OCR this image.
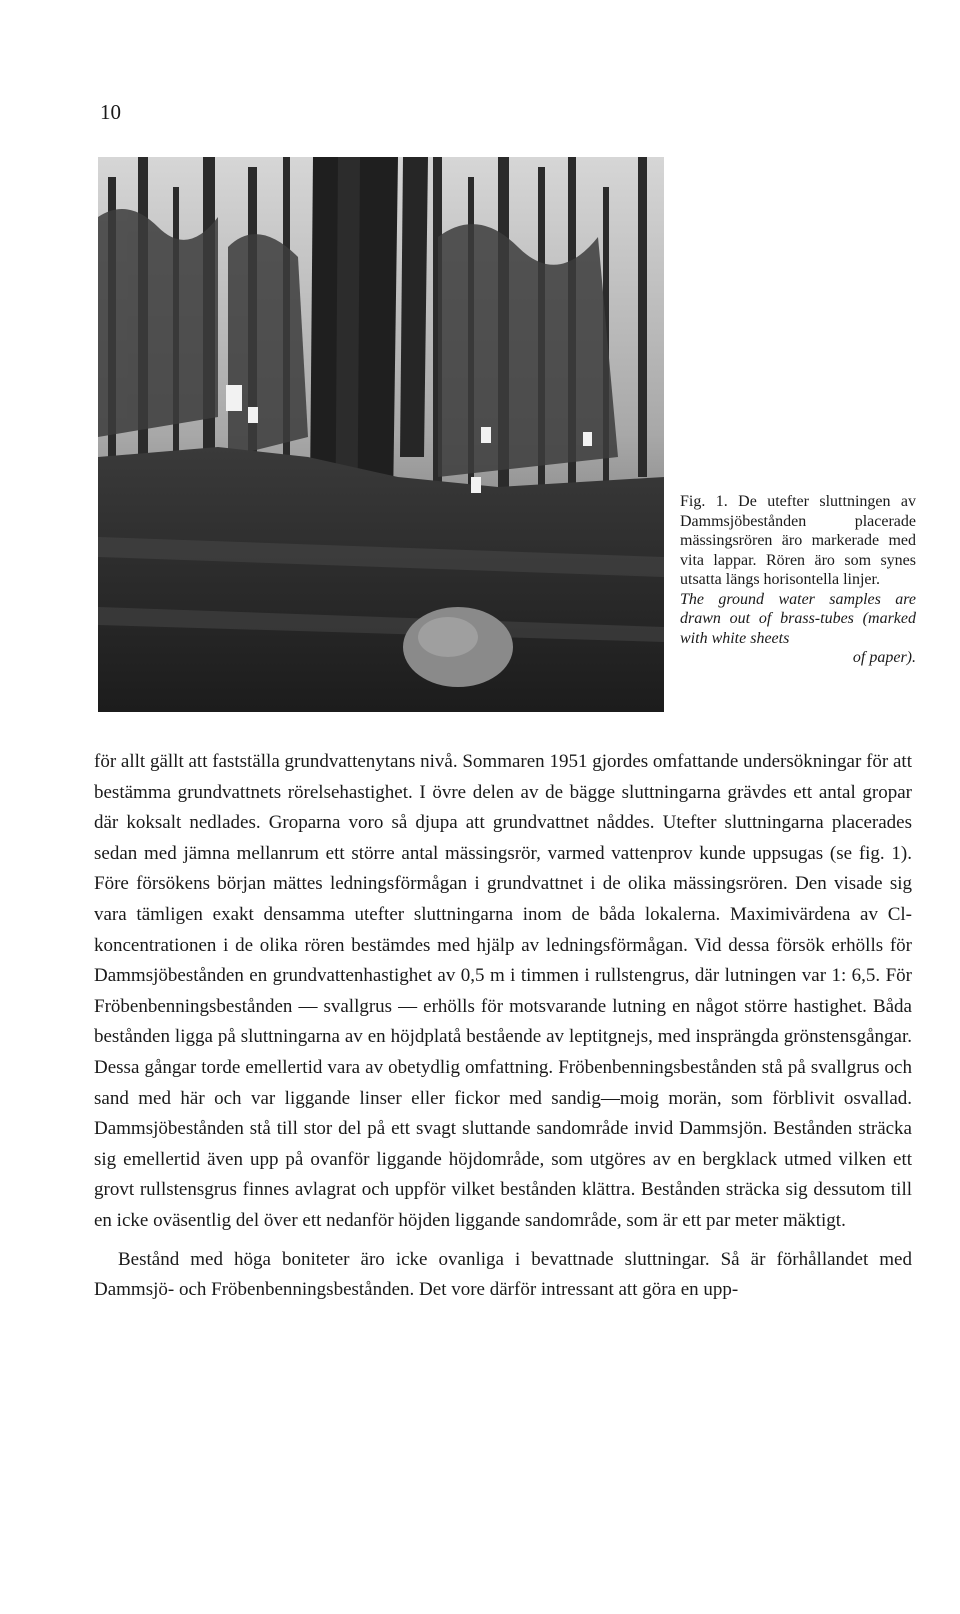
10

Fig. 1. De utefter sluttningen av Dammsjöbestånden placerade mässingsrören äro markerade med vita lappar. Rören äro som synes utsatta längs horisontella linjer.

The ground water samples are drawn out of brass-tubes (marked with white sheets

of paper).

för allt gällt att fastställa grundvattenytans nivå. Sommaren 1951 gjordes omfattande undersökningar för att bestämma grundvattnets rörelsehastighet. I övre delen av de bägge sluttningarna grävdes ett antal gropar där koksalt nedlades. Groparna voro så djupa att grundvattnet nåddes. Utefter sluttningarna placerades sedan med jämna mellanrum ett större antal mässingsrör, varmed vattenprov kunde uppsugas (se fig. 1). Före försökens början mättes ledningsförmågan i grundvattnet i de olika mässingsrören. Den visade sig vara tämligen exakt densamma utefter sluttningarna inom de båda lokalerna. Maximivärdena av Cl-koncentrationen i de olika rören bestämdes med hjälp av ledningsförmågan. Vid dessa försök erhölls för Dammsjöbestånden en grundvattenhastighet av 0,5 m i timmen i rullstengrus, där lutningen var 1: 6,5. För Fröbenbenningsbestånden — svallgrus — erhölls för motsvarande lutning en något större hastighet. Båda bestånden ligga på sluttningarna av en höjdplatå bestående av leptitgnejs, med insprängda grönstensgångar. Dessa gångar torde emellertid vara av obetydlig omfattning. Fröbenbenningsbestånden stå på svallgrus och sand med här och var liggande linser eller fickor med sandig—moig morän, som förblivit osvallad. Dammsjöbestånden stå till stor del på ett svagt sluttande sandområde invid Dammsjön. Bestånden sträcka sig emellertid även upp på ovanför liggande höjdområde, som utgöres av en bergklack utmed vilken ett grovt rullstensgrus finnes avlagrat och uppför vilket bestånden klättra. Bestånden sträcka sig dessutom till en icke oväsentlig del över ett nedanför höjden liggande sandområde, som är ett par meter mäktigt.

Bestånd med höga boniteter äro icke ovanliga i bevattnade sluttningar. Så är förhållandet med Dammsjö- och Fröbenbenningsbestånden. Det vore därför intressant att göra en upp-
